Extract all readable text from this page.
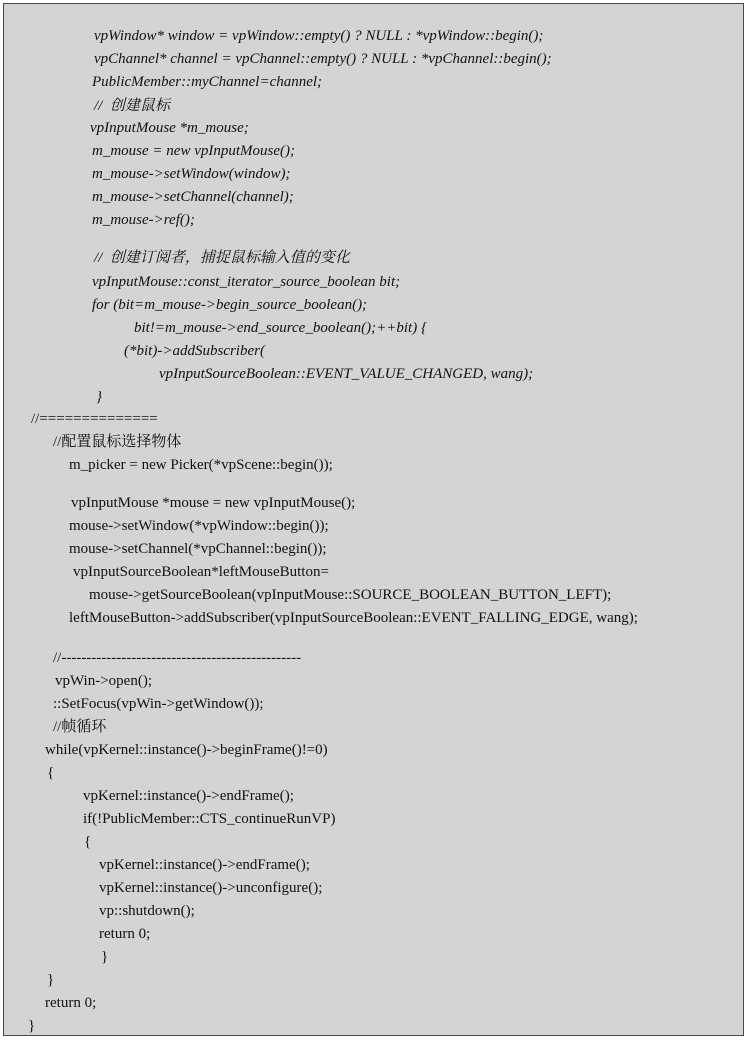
vpWindow* window = vpWindow::empty() ? NULL : *vpWindow::begin();
vpChannel* channel = vpChannel::empty() ? NULL : *vpChannel::begin();
PublicMember::myChannel=channel;
//  创建鼠标
vpInputMouse *m_mouse;
m_mouse = new vpInputMouse();
m_mouse->setWindow(window);
m_mouse->setChannel(channel);
m_mouse->ref();
//  创建订阅者，捕捉鼠标输入值的变化
vpInputMouse::const_iterator_source_boolean bit;
for (bit=m_mouse->begin_source_boolean();
bit!=m_mouse->end_source_boolean();++bit) {
(*bit)->addSubscriber(
vpInputSourceBoolean::EVENT_VALUE_CHANGED, wang);
}
//==============
//配置鼠标选择物体
m_picker = new Picker(*vpScene::begin());
vpInputMouse *mouse = new vpInputMouse();
mouse->setWindow(*vpWindow::begin());
mouse->setChannel(*vpChannel::begin());
vpInputSourceBoolean*leftMouseButton=
mouse->getSourceBoolean(vpInputMouse::SOURCE_BOOLEAN_BUTTON_LEFT);
leftMouseButton->addSubscriber(vpInputSourceBoolean::EVENT_FALLING_EDGE, wang);
//------------------------------------------------
vpWin->open();
::SetFocus(vpWin->getWindow());
//帧循环
while(vpKernel::instance()->beginFrame()!=0)
{
vpKernel::instance()->endFrame();
if(!PublicMember::CTS_continueRunVP)
{
vpKernel::instance()->endFrame();
vpKernel::instance()->unconfigure();
vp::shutdown();
return 0;
}
}
return 0;
}
